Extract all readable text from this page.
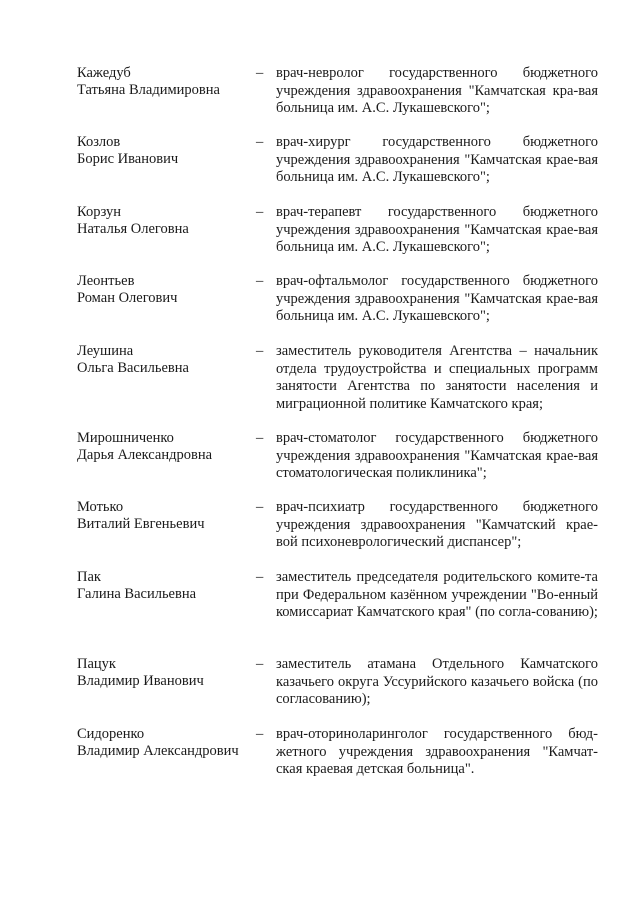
Кажедуб
Татьяна Владимировна
– врач-невролог государственного бюджетного учреждения здравоохранения "Камчатская кра-вая больница им. А.С. Лукашевского";
Козлов
Борис Иванович
– врач-хирург государственного бюджетного учреждения здравоохранения "Камчатская крае-вая больница им. А.С. Лукашевского";
Корзун
Наталья Олеговна
– врач-терапевт государственного бюджетного учреждения здравоохранения "Камчатская крае-вая больница им. А.С. Лукашевского";
Леонтьев
Роман Олегович
– врач-офтальмолог государственного бюджетного учреждения здравоохранения "Камчатская крае-вая больница им. А.С. Лукашевского";
Леушина
Ольга Васильевна
– заместитель руководителя Агентства – начальник отдела трудоустройства и специальных программ занятости Агентства по занятости населения и миграционной политике Камчатского края;
Мирошниченко
Дарья Александровна
– врач-стоматолог государственного бюджетного учреждения здравоохранения "Камчатская крае-вая стоматологическая поликлиника";
Мотько
Виталий Евгеньевич
– врач-психиатр государственного бюджетного учреждения здравоохранения "Камчатский крае-вой психоневрологический диспансер";
Пак
Галина Васильевна
– заместитель председателя родительского комите-та при Федеральном казённом учреждении "Во-енный комиссариат Камчатского края" (по согла-сованию);
Пацук
Владимир Иванович
– заместитель атамана Отдельного Камчатского казачьего округа Уссурийского казачьего войска (по согласованию);
Сидоренко
Владимир Александрович
– врач-оториноларинголог государственного бюд-жетного учреждения здравоохранения "Камчат-ская краевая детская больница".
